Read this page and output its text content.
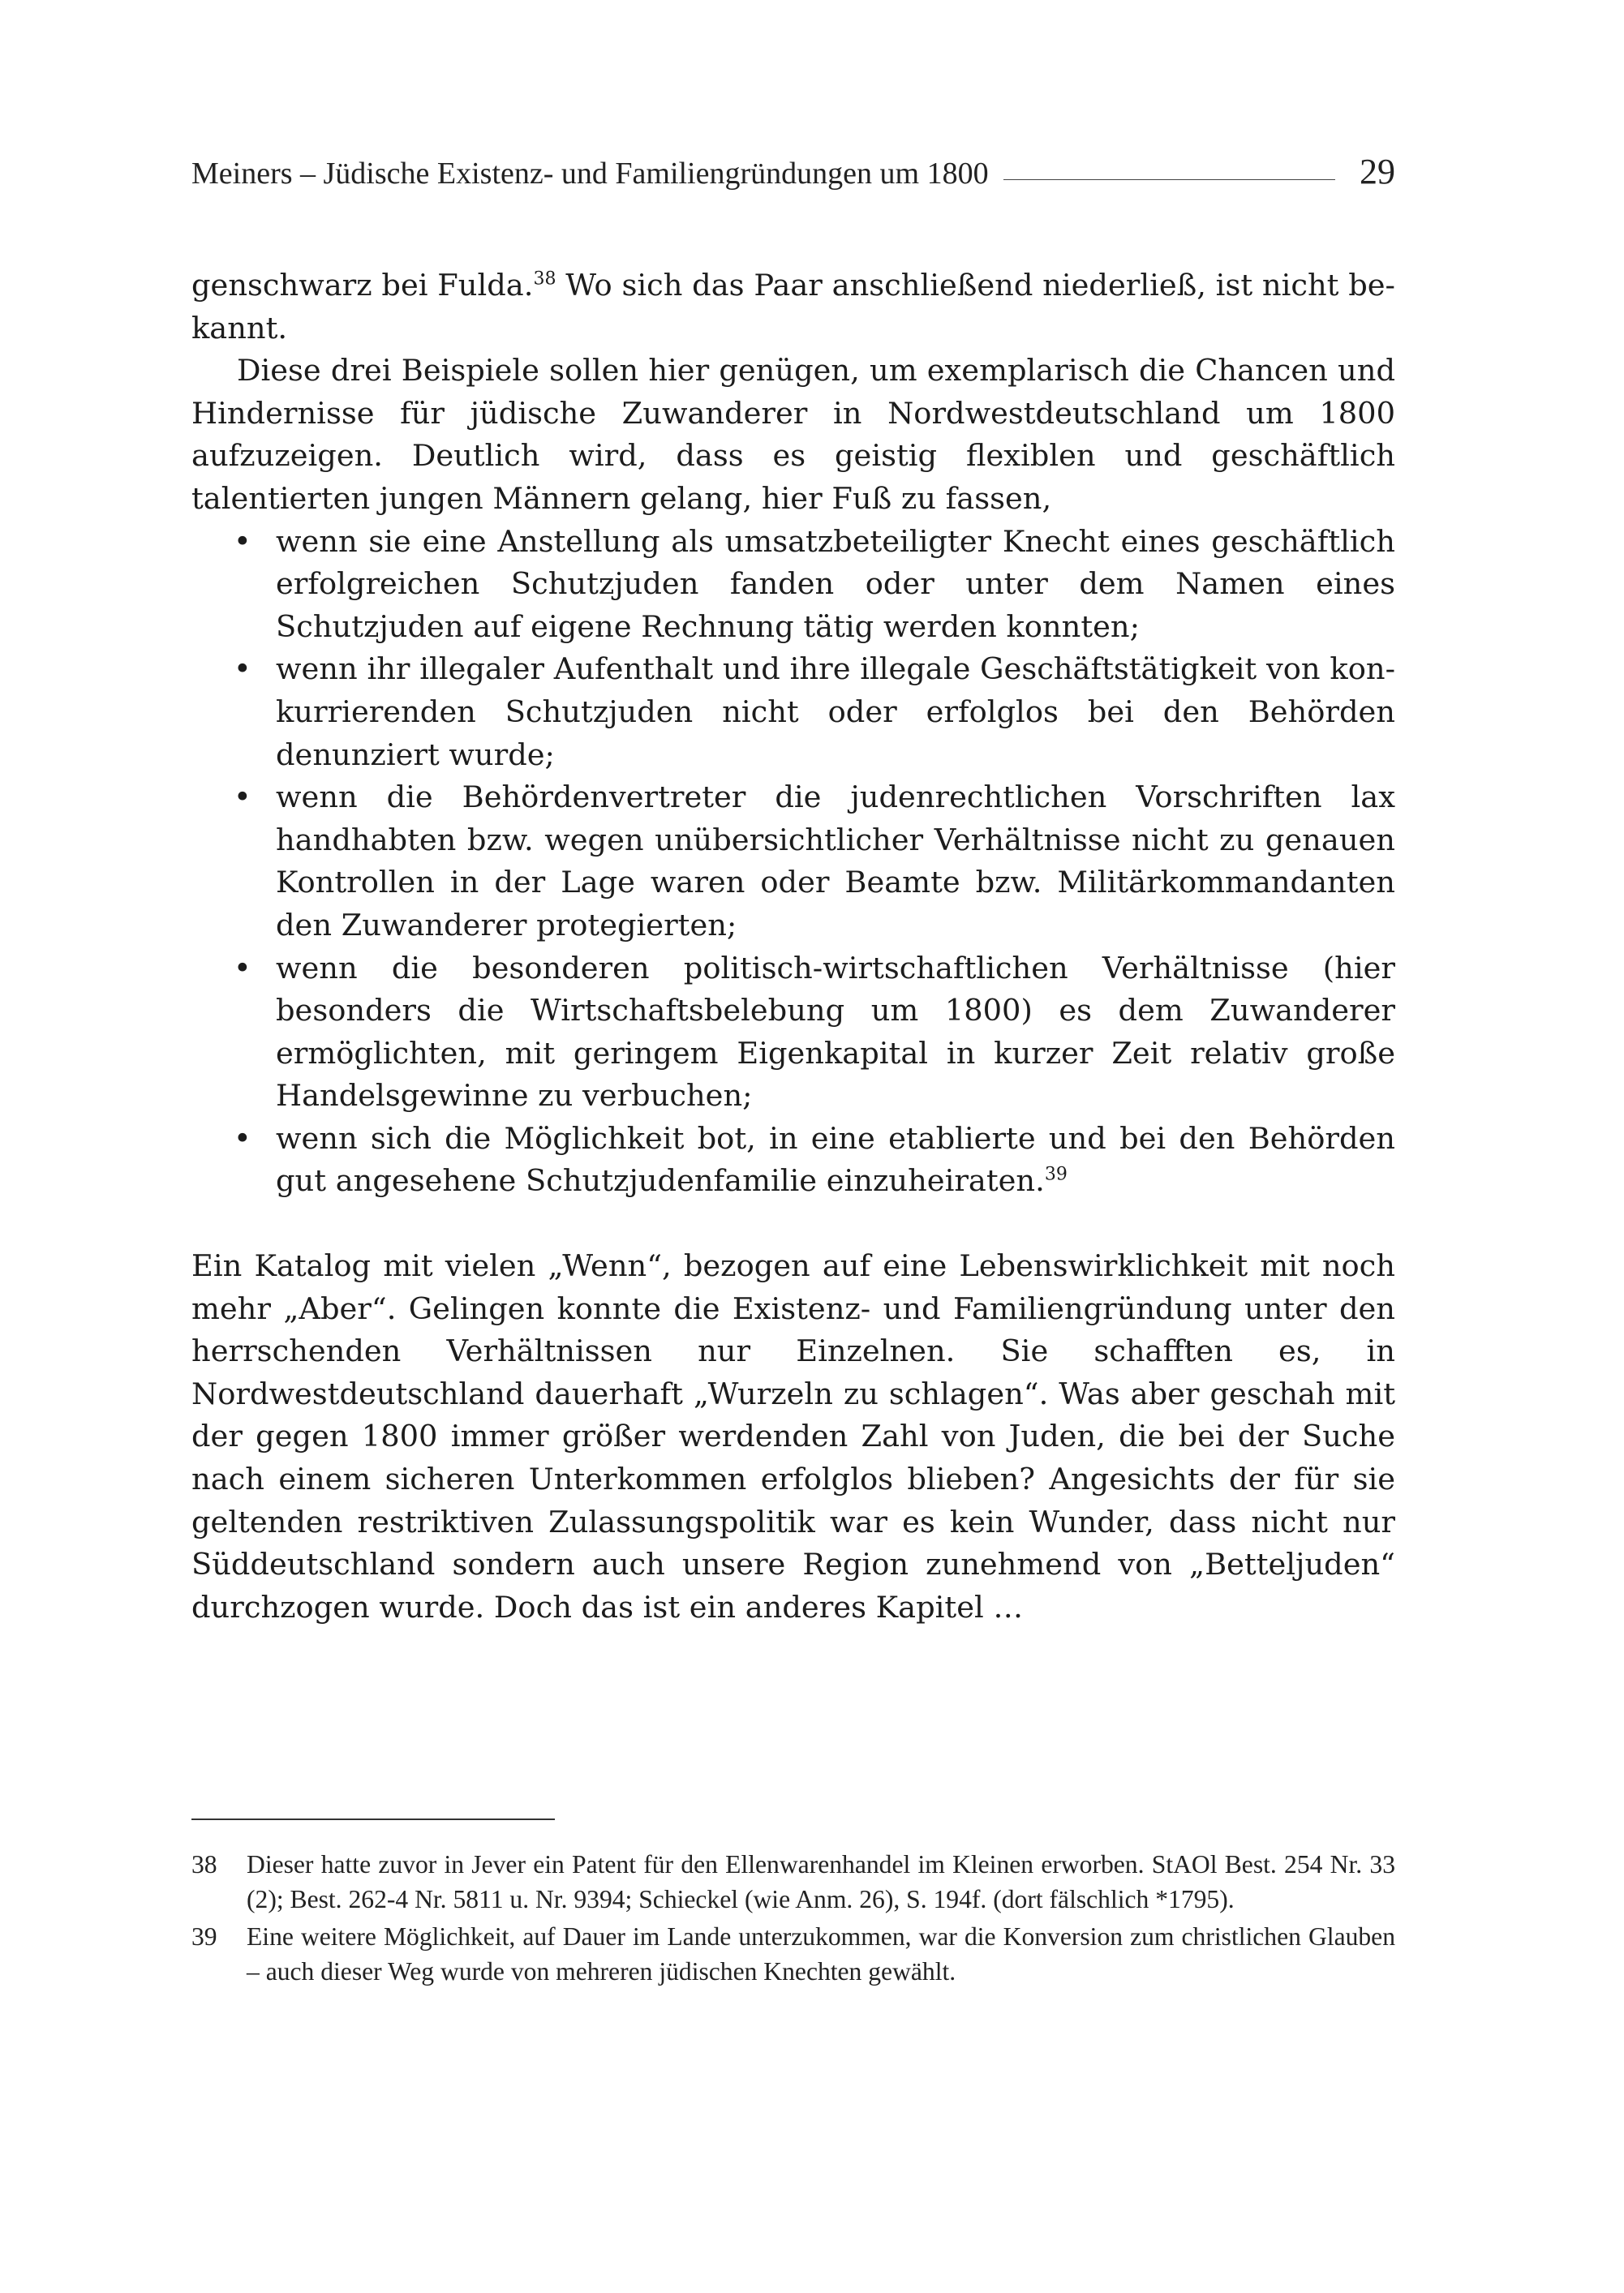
Meiners – Jüdische Existenz- und Familiengründungen um 1800	29

genschwarz bei Fulda.$^{38}$ Wo sich das Paar anschließend niederließ, ist nicht bekannt.

Diese drei Beispiele sollen hier genügen, um exemplarisch die Chancen und Hindernisse für jüdische Zuwanderer in Nordwestdeutschland um 1800 aufzuzeigen. Deutlich wird, dass es geistig flexiblen und geschäftlich talentierten jungen Männern gelang, hier Fuß zu fassen,

• wenn sie eine Anstellung als umsatzbeteiligter Knecht eines geschäftlich erfolgreichen Schutzjuden fanden oder unter dem Namen eines Schutzjuden auf eigene Rechnung tätig werden konnten;
• wenn ihr illegaler Aufenthalt und ihre illegale Geschäftstätigkeit von konkurrierenden Schutzjuden nicht oder erfolglos bei den Behörden denunziert wurde;
• wenn die Behördenvertreter die judenrechtlichen Vorschriften lax handhabten bzw. wegen unübersichtlicher Verhältnisse nicht zu genauen Kontrollen in der Lage waren oder Beamte bzw. Militärkommandanten den Zuwanderer protegierten;
• wenn die besonderen politisch-wirtschaftlichen Verhältnisse (hier besonders die Wirtschaftsbelebung um 1800) es dem Zuwanderer ermöglichten, mit geringem Eigenkapital in kurzer Zeit relativ große Handelsgewinne zu verbuchen;
• wenn sich die Möglichkeit bot, in eine etablierte und bei den Behörden gut angesehene Schutzjudenfamilie einzuheiraten.$^{39}$

Ein Katalog mit vielen „Wenn“, bezogen auf eine Lebenswirklichkeit mit noch mehr „Aber“. Gelingen konnte die Existenz- und Familiengründung unter den herrschenden Verhältnissen nur Einzelnen. Sie schafften es, in Nordwestdeutschland dauerhaft „Wurzeln zu schlagen“. Was aber geschah mit der gegen 1800 immer größer werdenden Zahl von Juden, die bei der Suche nach einem sicheren Unterkommen erfolglos blieben? Angesichts der für sie geltenden restriktiven Zulassungspolitik war es kein Wunder, dass nicht nur Süddeutschland sondern auch unsere Region zunehmend von „Betteljuden“ durchzogen wurde. Doch das ist ein anderes Kapitel …

38 Dieser hatte zuvor in Jever ein Patent für den Ellenwarenhandel im Kleinen erworben. StAOl Best. 254 Nr. 33 (2); Best. 262-4 Nr. 5811 u. Nr. 9394; Schieckel (wie Anm. 26), S. 194f. (dort fälschlich *1795).
39 Eine weitere Möglichkeit, auf Dauer im Lande unterzukommen, war die Konversion zum christlichen Glauben – auch dieser Weg wurde von mehreren jüdischen Knechten gewählt.
